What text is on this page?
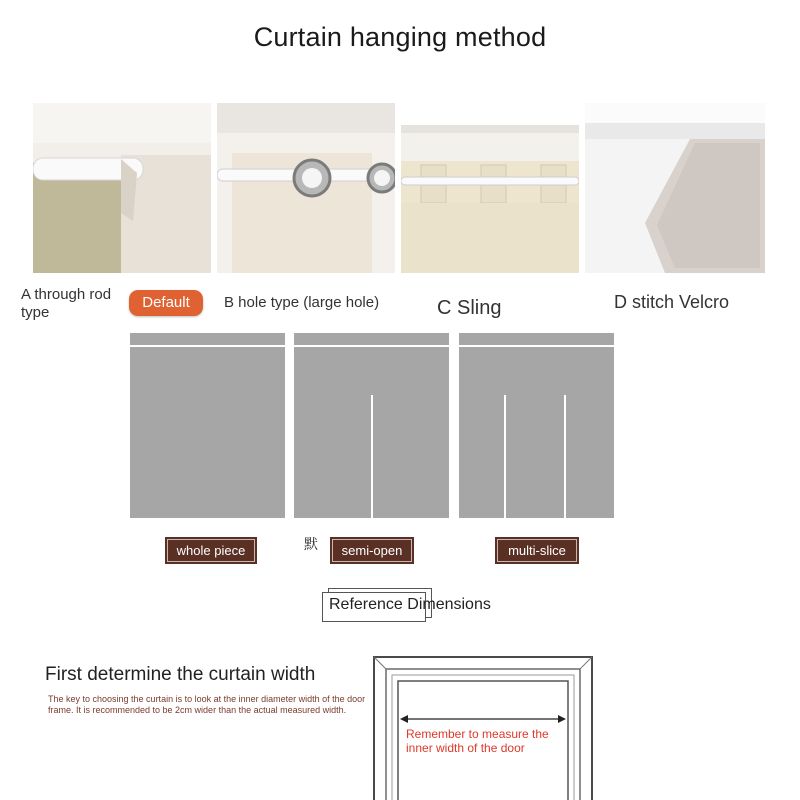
Curtain hanging method
A through rod type
Default	B hole type (large hole)	C Sling	D stitch Velcro
whole piece	默	semi-open	multi-slice
Reference Dimensions
First determine the curtain width
The key to choosing the curtain is to look at the inner diameter width of the door frame. It is recommended to be 2cm wider than the actual measured width.
Remember to measure the inner width of the door
